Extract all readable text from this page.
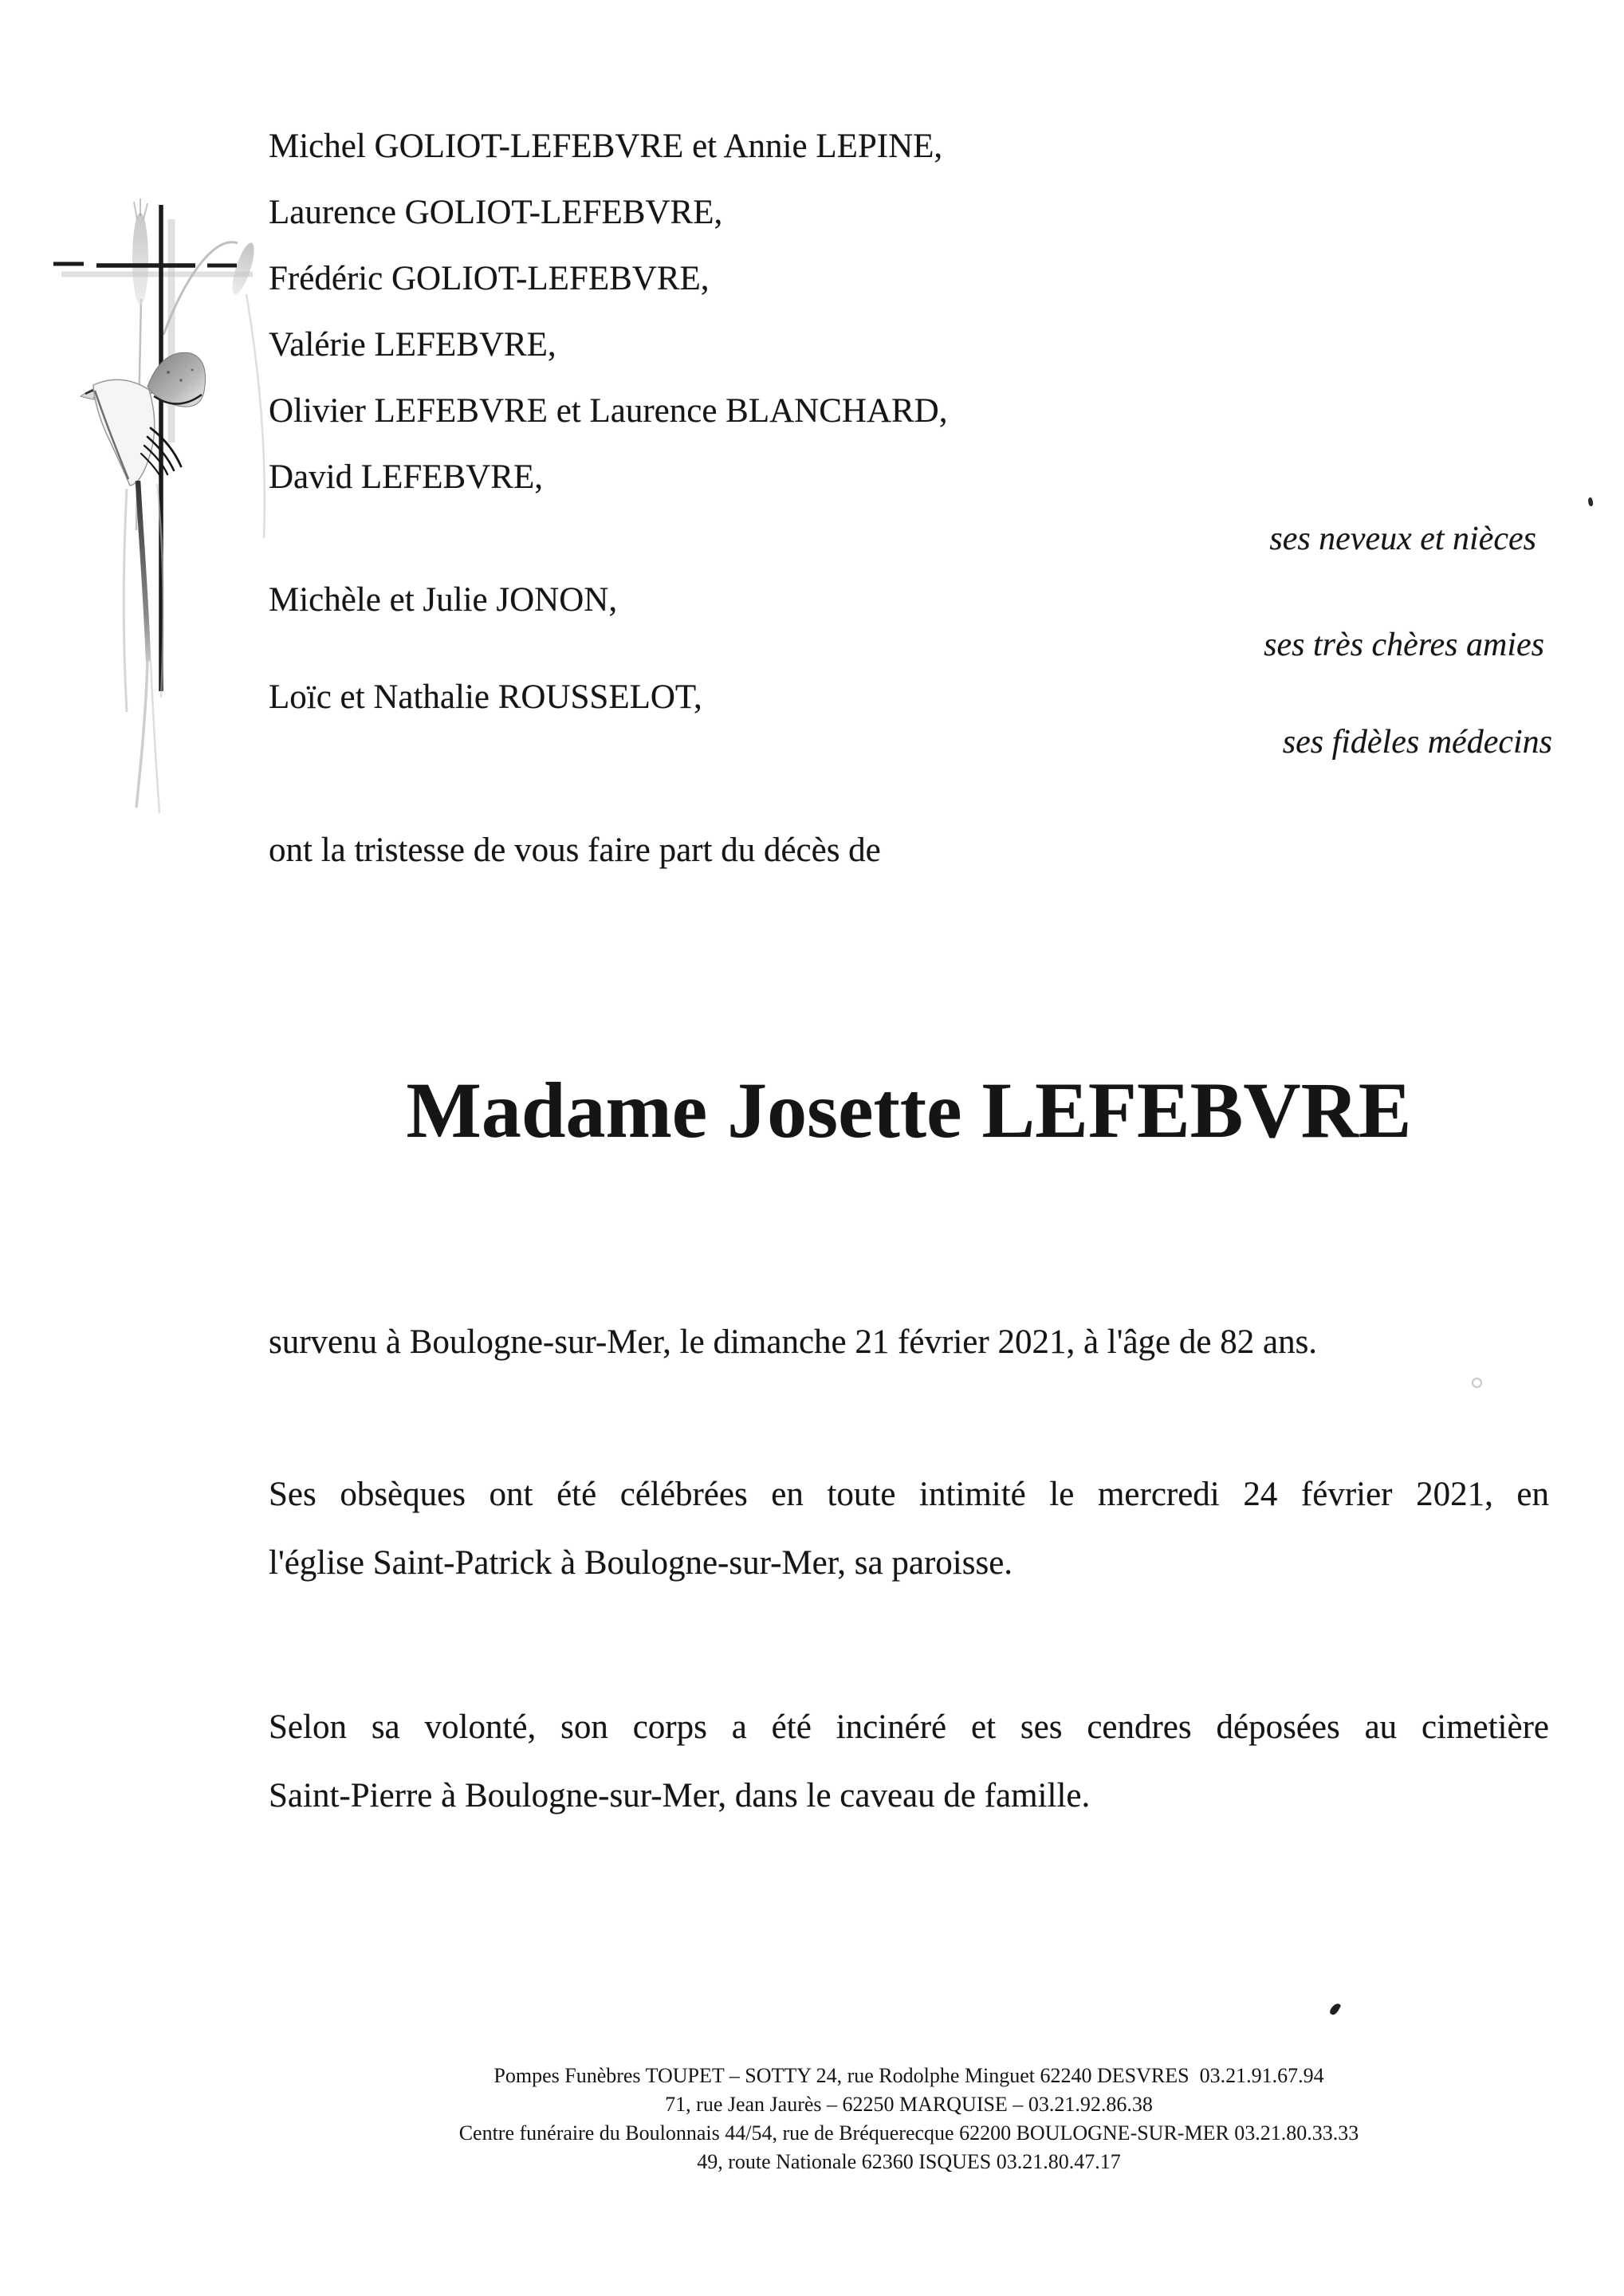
Michel GOLIOT-LEFEBVRE et Annie LEPINE,
Laurence GOLIOT-LEFEBVRE,
Frédéric GOLIOT-LEFEBVRE,
Valérie LEFEBVRE,
Olivier LEFEBVRE et Laurence BLANCHARD,
David LEFEBVRE,
ses neveux et nièces
Michèle et Julie JONON,
ses très chères amies
Loïc et Nathalie ROUSSELOT,
ses fidèles médecins
ont la tristesse de vous faire part du décès de
Madame Josette LEFEBVRE
survenu à Boulogne-sur-Mer, le dimanche 21 février 2021, à l'âge de 82 ans.
Ses obsèques ont été célébrées en toute intimité le mercredi 24 février 2021, en
l'église Saint-Patrick à Boulogne-sur-Mer, sa paroisse.
Selon sa volonté, son corps a été incinéré et ses cendres déposées au cimetière
Saint-Pierre à Boulogne-sur-Mer, dans le caveau de famille.
Pompes Funèbres TOUPET – SOTTY 24, rue Rodolphe Minguet 62240 DESVRES  03.21.91.67.94
71, rue Jean Jaurès – 62250 MARQUISE – 03.21.92.86.38
Centre funéraire du Boulonnais 44/54, rue de Bréquerecque 62200 BOULOGNE-SUR-MER 03.21.80.33.33
49, route Nationale 62360 ISQUES 03.21.80.47.17
